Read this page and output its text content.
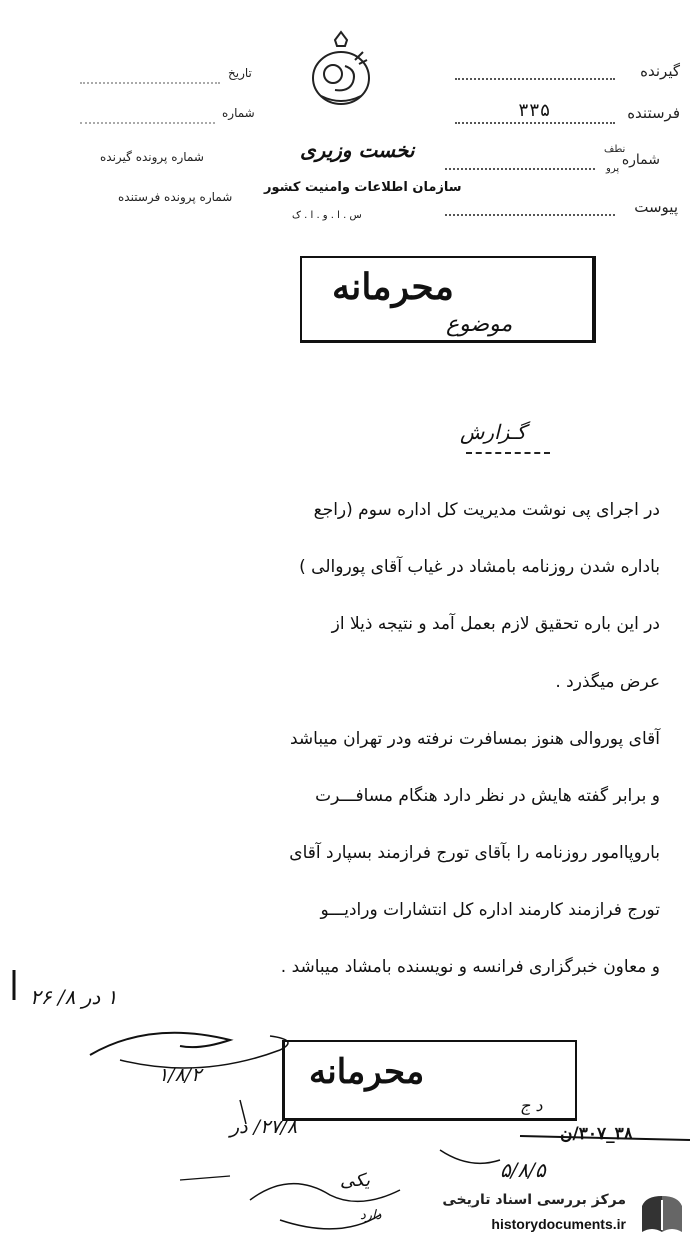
گیرنده
فرستنده
۳۳۵
شماره
نطف
پرو
پیوست
تاریخ
شماره
شماره پرونده گیرنده
شماره پرونده فرستنده
نخست وزیری
سازمان اطلاعات وامنیت کشور
س . ا . و . ا . ک
محرمانه
موضوع
گـزارش
در اجرای پی نوشت مدیریت کل اداره سوم (راجع
باداره شدن روزنامه بامشاد در غیاب آقای پوروالی )
در این باره تحقیق لازم بعمل آمد و نتیجه ذیلا از
عرض میگذرد .
آقای پوروالی هنوز بمسافرت نرفته ودر تهران میباشد
و برابر گفته هایش در نظر دارد هنگام مسافـــرت
باروپاامور روزنامه را بآقای تورج فرازمند بسپارد آقای
تورج فرازمند کارمند اداره کل انتشارات ورادیـــو
و معاون خبرگزاری فرانسه و نویسنده بامشاد میباشد .
۱ در ۸/ ۲۶
۱/۸/۲
۲۷/۸/ در
محرمانه
د ج
۳۸_۳۰۷/ن
۵/۸/۵
یکی
دارد
مرکز بررسی اسناد تاریخی
historydocuments.ir
